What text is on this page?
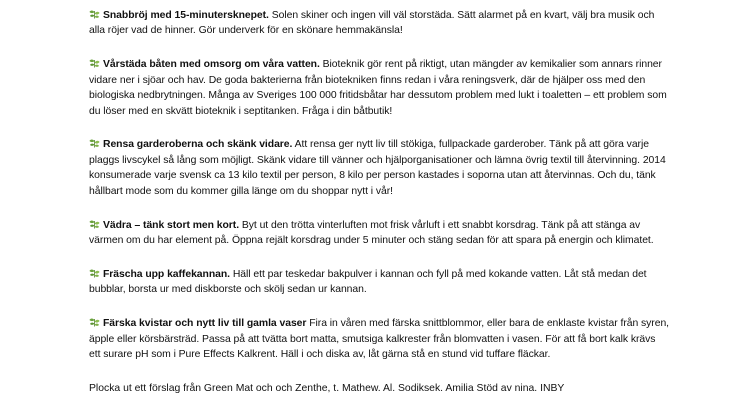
Snabbröj med 15-minutersknepet. Solen skiner och ingen vill väl storstäda. Sätt alarmet på en kvart, välj bra musik och alla röjer vad de hinner. Gör underverk för en skönare hemmakänsla!

Vårstäda båten med omsorg om våra vatten. Bioteknik gör rent på riktigt, utan mängder av kemikalier som annars rinner vidare ner i sjöar och hav. De goda bakterierna från biotekniken finns redan i våra reningsverk, där de hjälper oss med den biologiska nedbrytningen. Många av Sveriges 100 000 fritidsbåtar har dessutom problem med lukt i toaletten – ett problem som du löser med en skvätt bioteknik i septitanken. Fråga i din båtbutik!

Rensa garderoberna och skänk vidare. Att rensa ger nytt liv till stökiga, fullpackade garderober. Tänk på att göra varje plaggs livscykel så lång som möjligt. Skänk vidare till vänner och hjälporganisationer och lämna övrig textil till återvinning. 2014 konsumerade varje svensk ca 13 kilo textil per person, 8 kilo per person kastades i soporna utan att återvinnas. Och du, tänk hållbart mode som du kommer gilla länge om du shoppar nytt i vår!

Vädra – tänk stort men kort. Byt ut den trötta vinterluften mot frisk vårluft i ett snabbt korsdrag. Tänk på att stänga av värmen om du har element på. Öppna rejält korsdrag under 5 minuter och stäng sedan för att spara på energin och klimatet.

Fräscha upp kaffekannan. Häll ett par teskedar bakpulver i kannan och fyll på med kokande vatten. Låt stå medan det bubblar, borsta ur med diskborste och skölj sedan ur kannan.

Färska kvistar och nytt liv till gamla vaser Fira in våren med färska snittblommor, eller bara de enklaste kvistar från syren, äpple eller körsbärsträd. Passa på att tvätta bort matta, smutsiga kalkrester från blomvatten i vasen. För att få bort kalk krävs ett surare pH som i Pure Effects Kalkrent. Häll i och diska av, låt gärna stå en stund vid tuffare fläckar.

Plocka ut ett förslag från Green Mat och och Zenthe, t. Mathew. Al. Sodiksek. Amilia Stöd av nina. INBY
